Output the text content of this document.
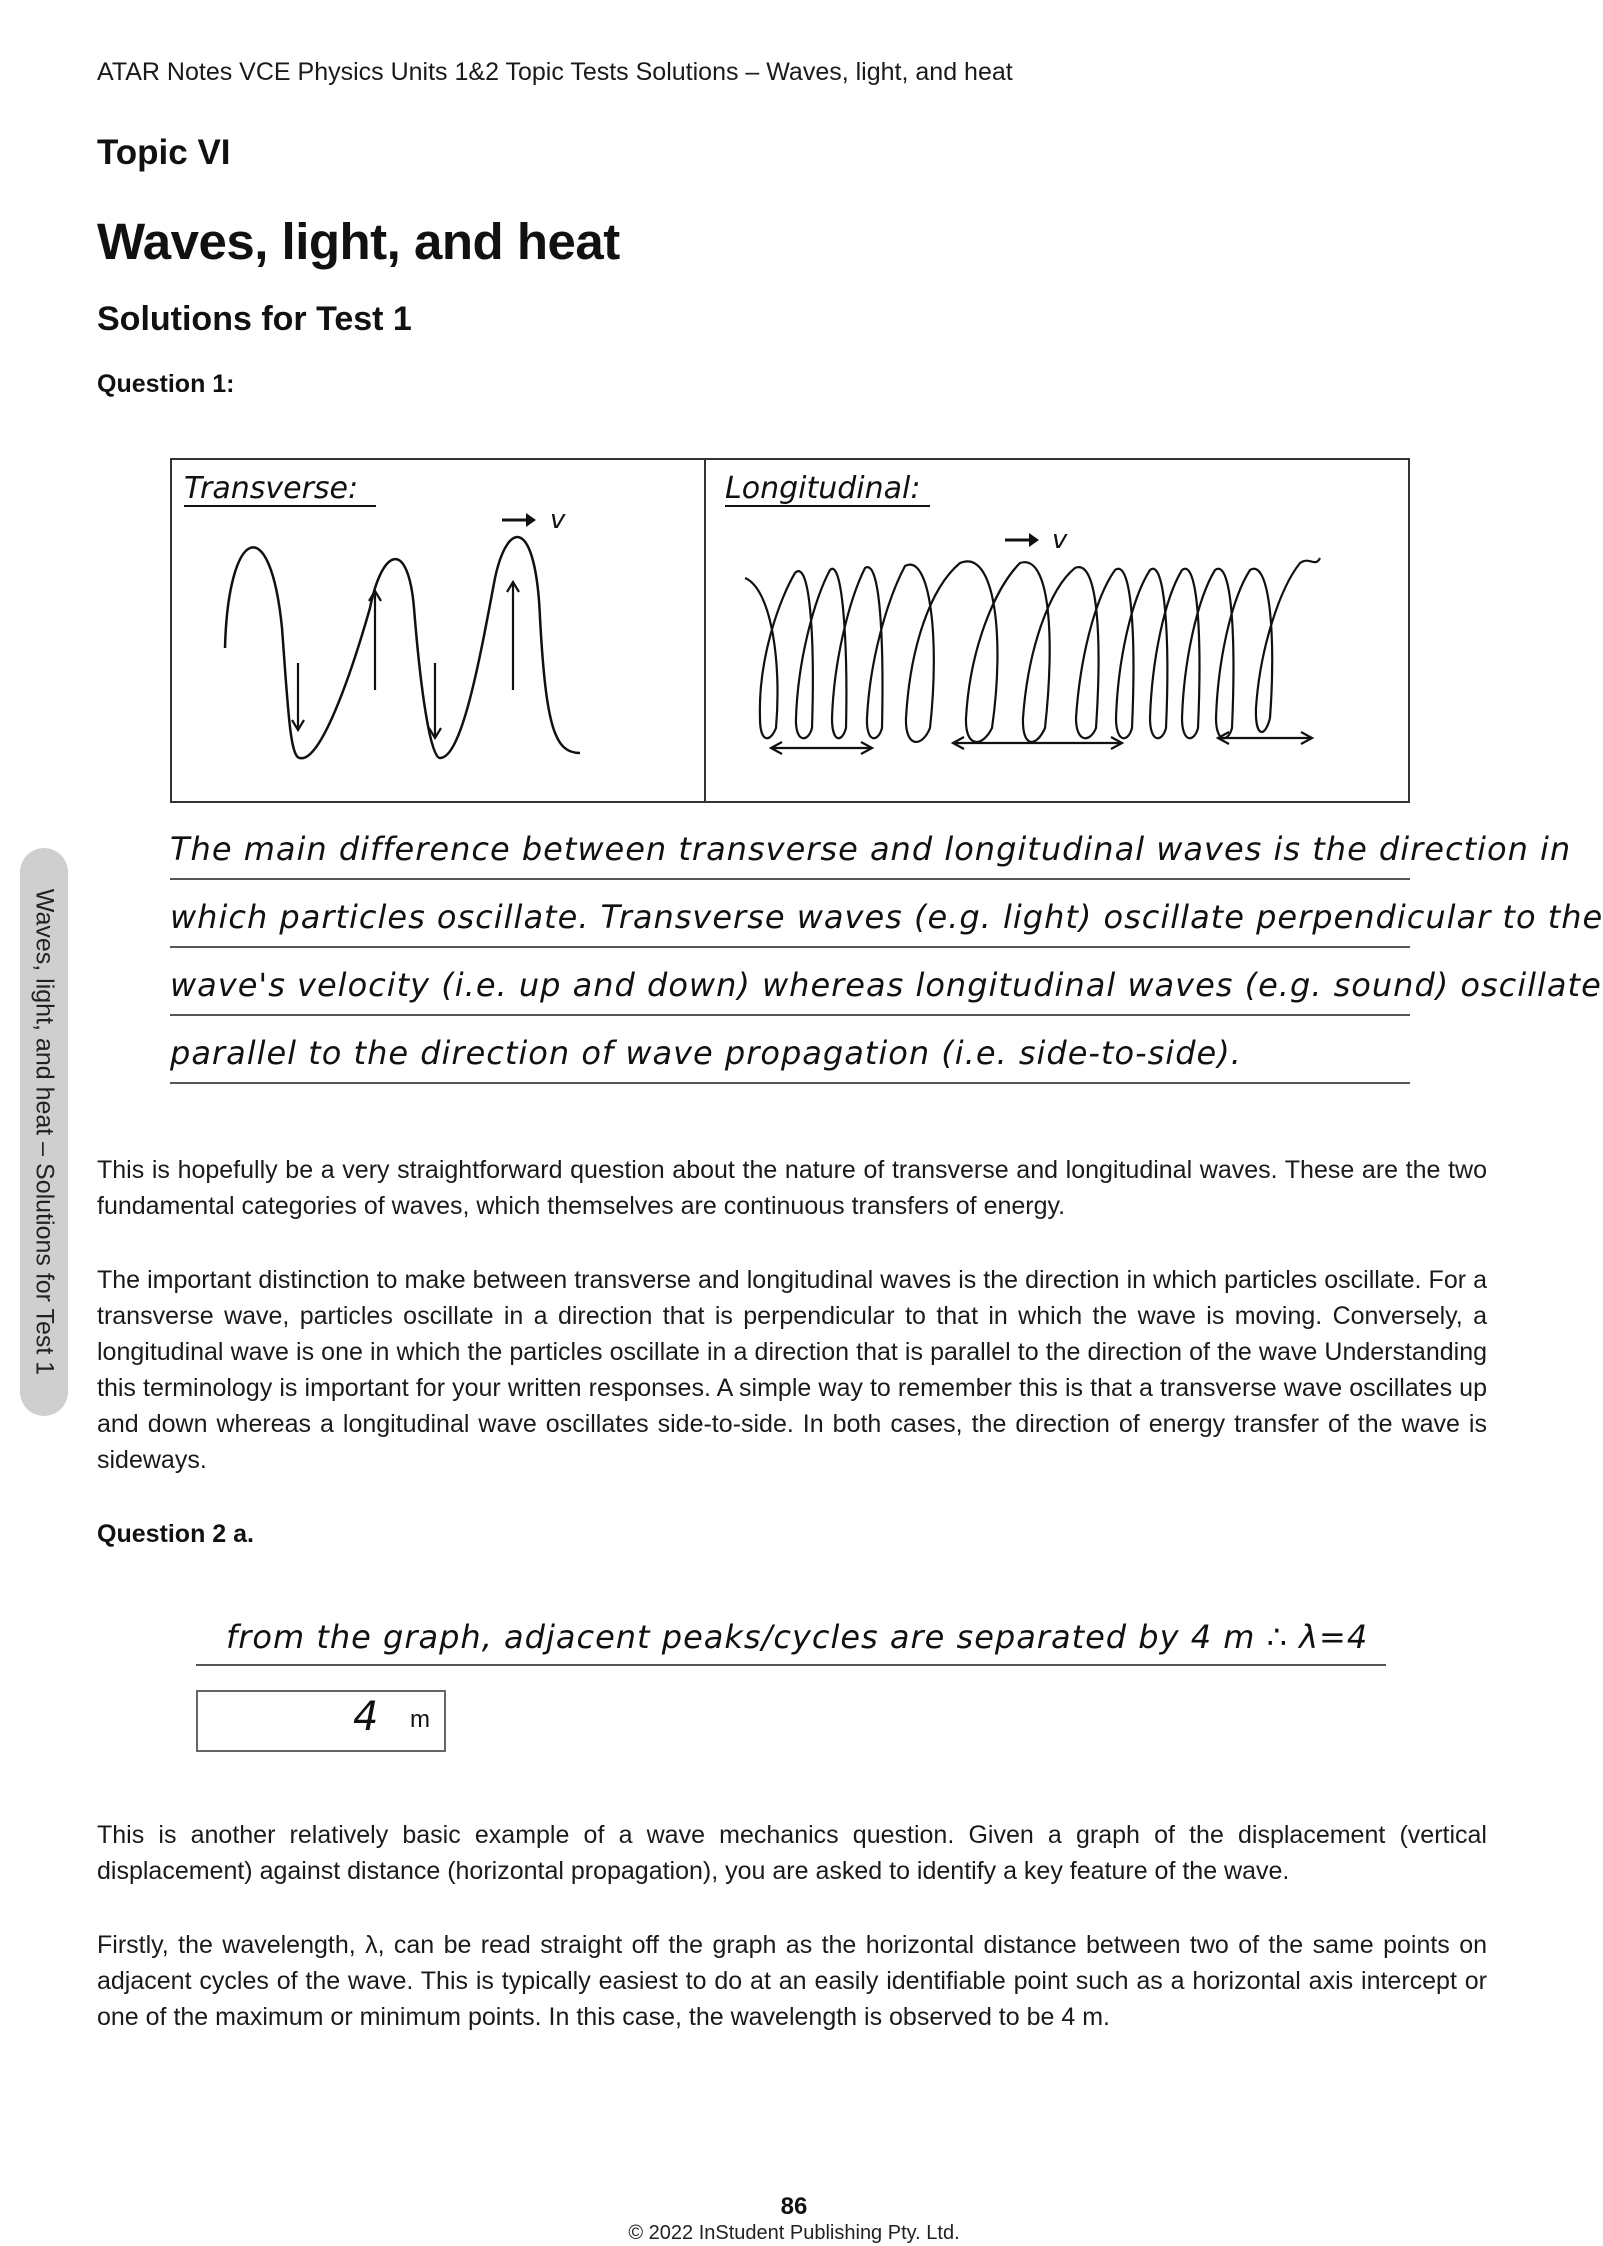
ATAR Notes VCE Physics Units 1&2 Topic Tests Solutions – Waves, light, and heat
Topic VI
Waves, light, and heat
Solutions for Test 1
Waves, light, and heat – Solutions for Test 1
Question 1:
Transverse:
v
Longitudinal:
v
The main difference between transverse and longitudinal waves is the direction in
which particles oscillate. Transverse waves (e.g. light) oscillate perpendicular to the
wave's velocity (i.e. up and down) whereas longitudinal waves (e.g. sound) oscillate
parallel to the direction of wave propagation (i.e. side-to-side).

This is hopefully be a very straightforward question about the nature of transverse and longitudinal waves. These are the two fundamental categories of waves, which themselves are continuous transfers of energy.

The important distinction to make between transverse and longitudinal waves is the direction in which particles oscillate. For a transverse wave, particles oscillate in a direction that is perpendicular to that in which the wave is moving. Conversely, a longitudinal wave is one in which the particles oscillate in a direction that is parallel to the direction of the wave Understanding this terminology is important for your written responses. A simple way to remember this is that a transverse wave oscillates up and down whereas a longitudinal wave oscillates side-to-side. In both cases, the direction of energy transfer of the wave is sideways.

Question 2 a.
from the graph, adjacent peaks/cycles are separated by 4 m ∴ λ=4
4 m

This is another relatively basic example of a wave mechanics question. Given a graph of the displacement (vertical displacement) against distance (horizontal propagation), you are asked to identify a key feature of the wave.

Firstly, the wavelength, λ, can be read straight off the graph as the horizontal distance between two of the same points on adjacent cycles of the wave. This is typically easiest to do at an easily identifiable point such as a horizontal axis intercept or one of the maximum or minimum points. In this case, the wavelength is observed to be 4 m.

86
© 2022 InStudent Publishing Pty. Ltd.
